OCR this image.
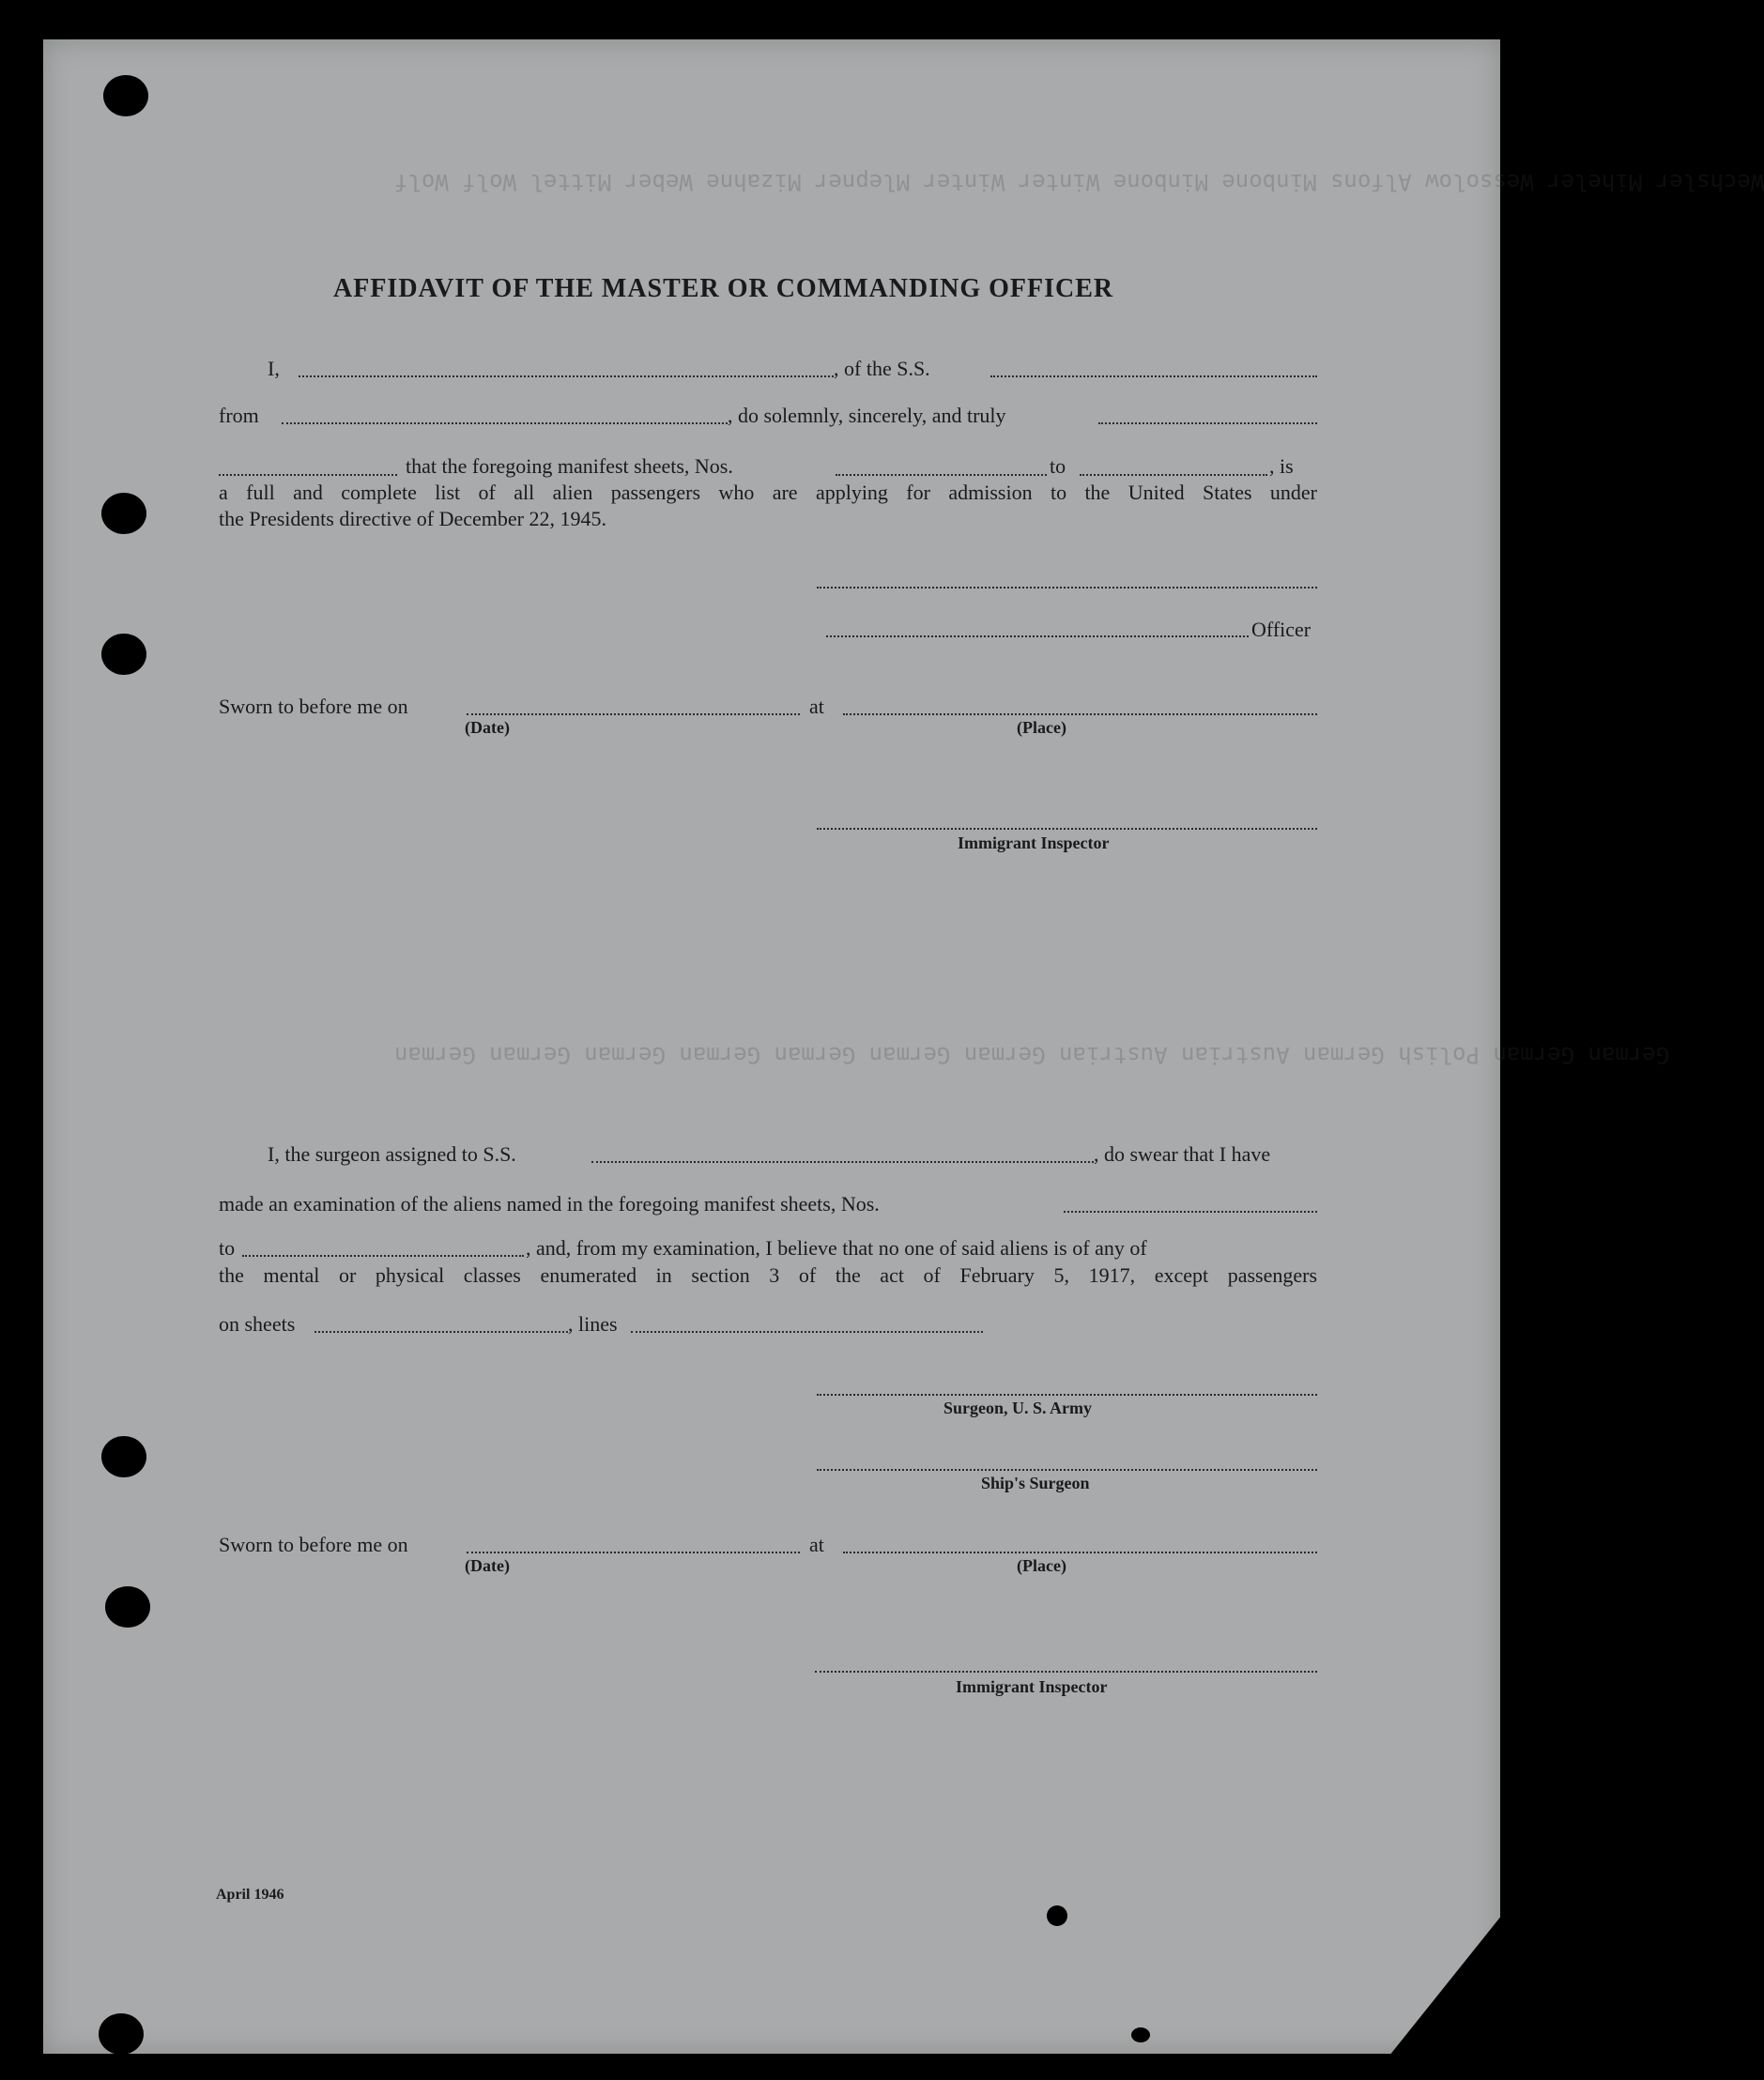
Wechsler Miheler Wessolow Alfons Minbone Minbone Winter Winter Mlepner Mizahne Weber Mittel Wolf Wolf
German German Polish German Austrian Austrian German German German German German German German
AFFIDAVIT OF THE MASTER OR COMMANDING OFFICER
I,	, of the S.S.
from	, do solemnly, sincerely, and truly
that the foregoing manifest sheets, Nos.	to	, is
a full and complete list of all alien passengers who are applying for admission to the United States under
the Presidents directive of December 22, 1945.
Officer
Sworn to before me on	at
(Date)	(Place)
Immigrant Inspector
I, the surgeon assigned to S.S.	, do swear that I have
made an examination of the aliens named in the foregoing manifest sheets, Nos.
to	, and, from my examination, I believe that no one of said aliens is of any of
the mental or physical classes enumerated in section 3 of the act of February 5, 1917, except passengers
on sheets	, lines
Surgeon, U. S. Army
Ship's Surgeon
Sworn to before me on	at
(Date)	(Place)
Immigrant Inspector
April 1946
